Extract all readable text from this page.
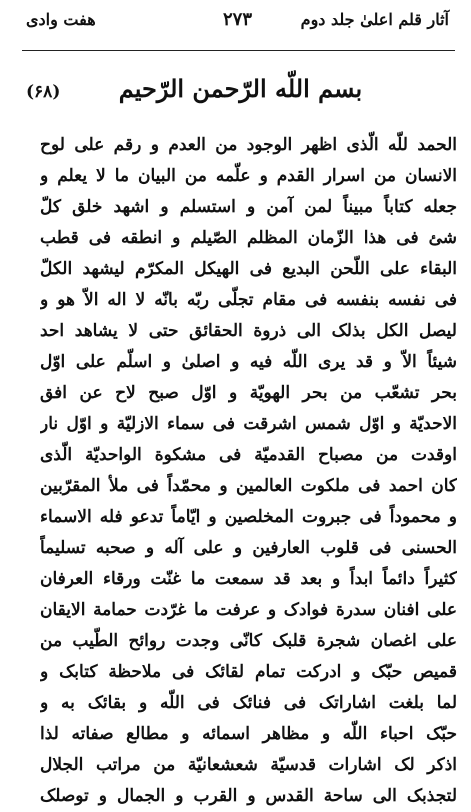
آثار قلم اعلیٰ جلد دوم
۲۷۳
هفت وادی
بسم اللّه الرّحمن الرّحیم
(۶۸)
الحمد للّه الّذی اظهر الوجود من العدم و رقم علی لوح
الانسان من اسرار القدم و علّمه من البیان ما لا یعلم و
جعله کتاباً مبیناً لمن آمن و استسلم و اشهد خلق کلّ
شئ فی هذا الزّمان المظلم الصّیلم و انطقه فی قطب
البقاء علی اللّحن البدیع فی الهیکل المکرّم لیشهد الکلّ
فی نفسه بنفسه فی مقام تجلّی ربّه بانّه لا اله الاّ هو و
لیصل الکل بذلک الی ذروة الحقائق حتی لا یشاهد احد
شیئاً الاّ و قد یری اللّه فیه و اصلیٰ و اسلّم علی اوّل
بحر تشعّب من بحر الهویّة و اوّل صبح لاح عن افق
الاحدیّة و اوّل شمس اشرقت فی سماء الازلیّة و اوّل نار
اوقدت من مصباح القدمیّة فی مشکوة الواحدیّة الّذی
کان احمد فی ملکوت العالمین و محمّداً فی ملأ المقرّبین
و محموداً فی جبروت المخلصین و ایّاماً تدعو فله الاسماء
الحسنی فی قلوب العارفین و علی آله و صحبه تسلیماً
کثیراً دائماً ابداً و بعد قد سمعت ما غنّت ورقاء العرفان
علی افنان سدرة فوادک و عرفت ما غرّدت حمامة الایقان
علی اغصان شجرة قلبک کانّی وجدت روائح الطّیب من
قمیص حبّک و ادرکت تمام لقائک فی ملاحظة کتابک و
لما بلغت اشاراتک فی فنائک فی اللّه و بقائک به و
حبّک احباء اللّه و مظاهر اسمائه و مطالع صفاته لذا
اذکر لک اشارات قدسیّة شعشعانیّة من مراتب الجلال
لتجذبک الی ساحة القدس و القرب و الجمال و توصلک
